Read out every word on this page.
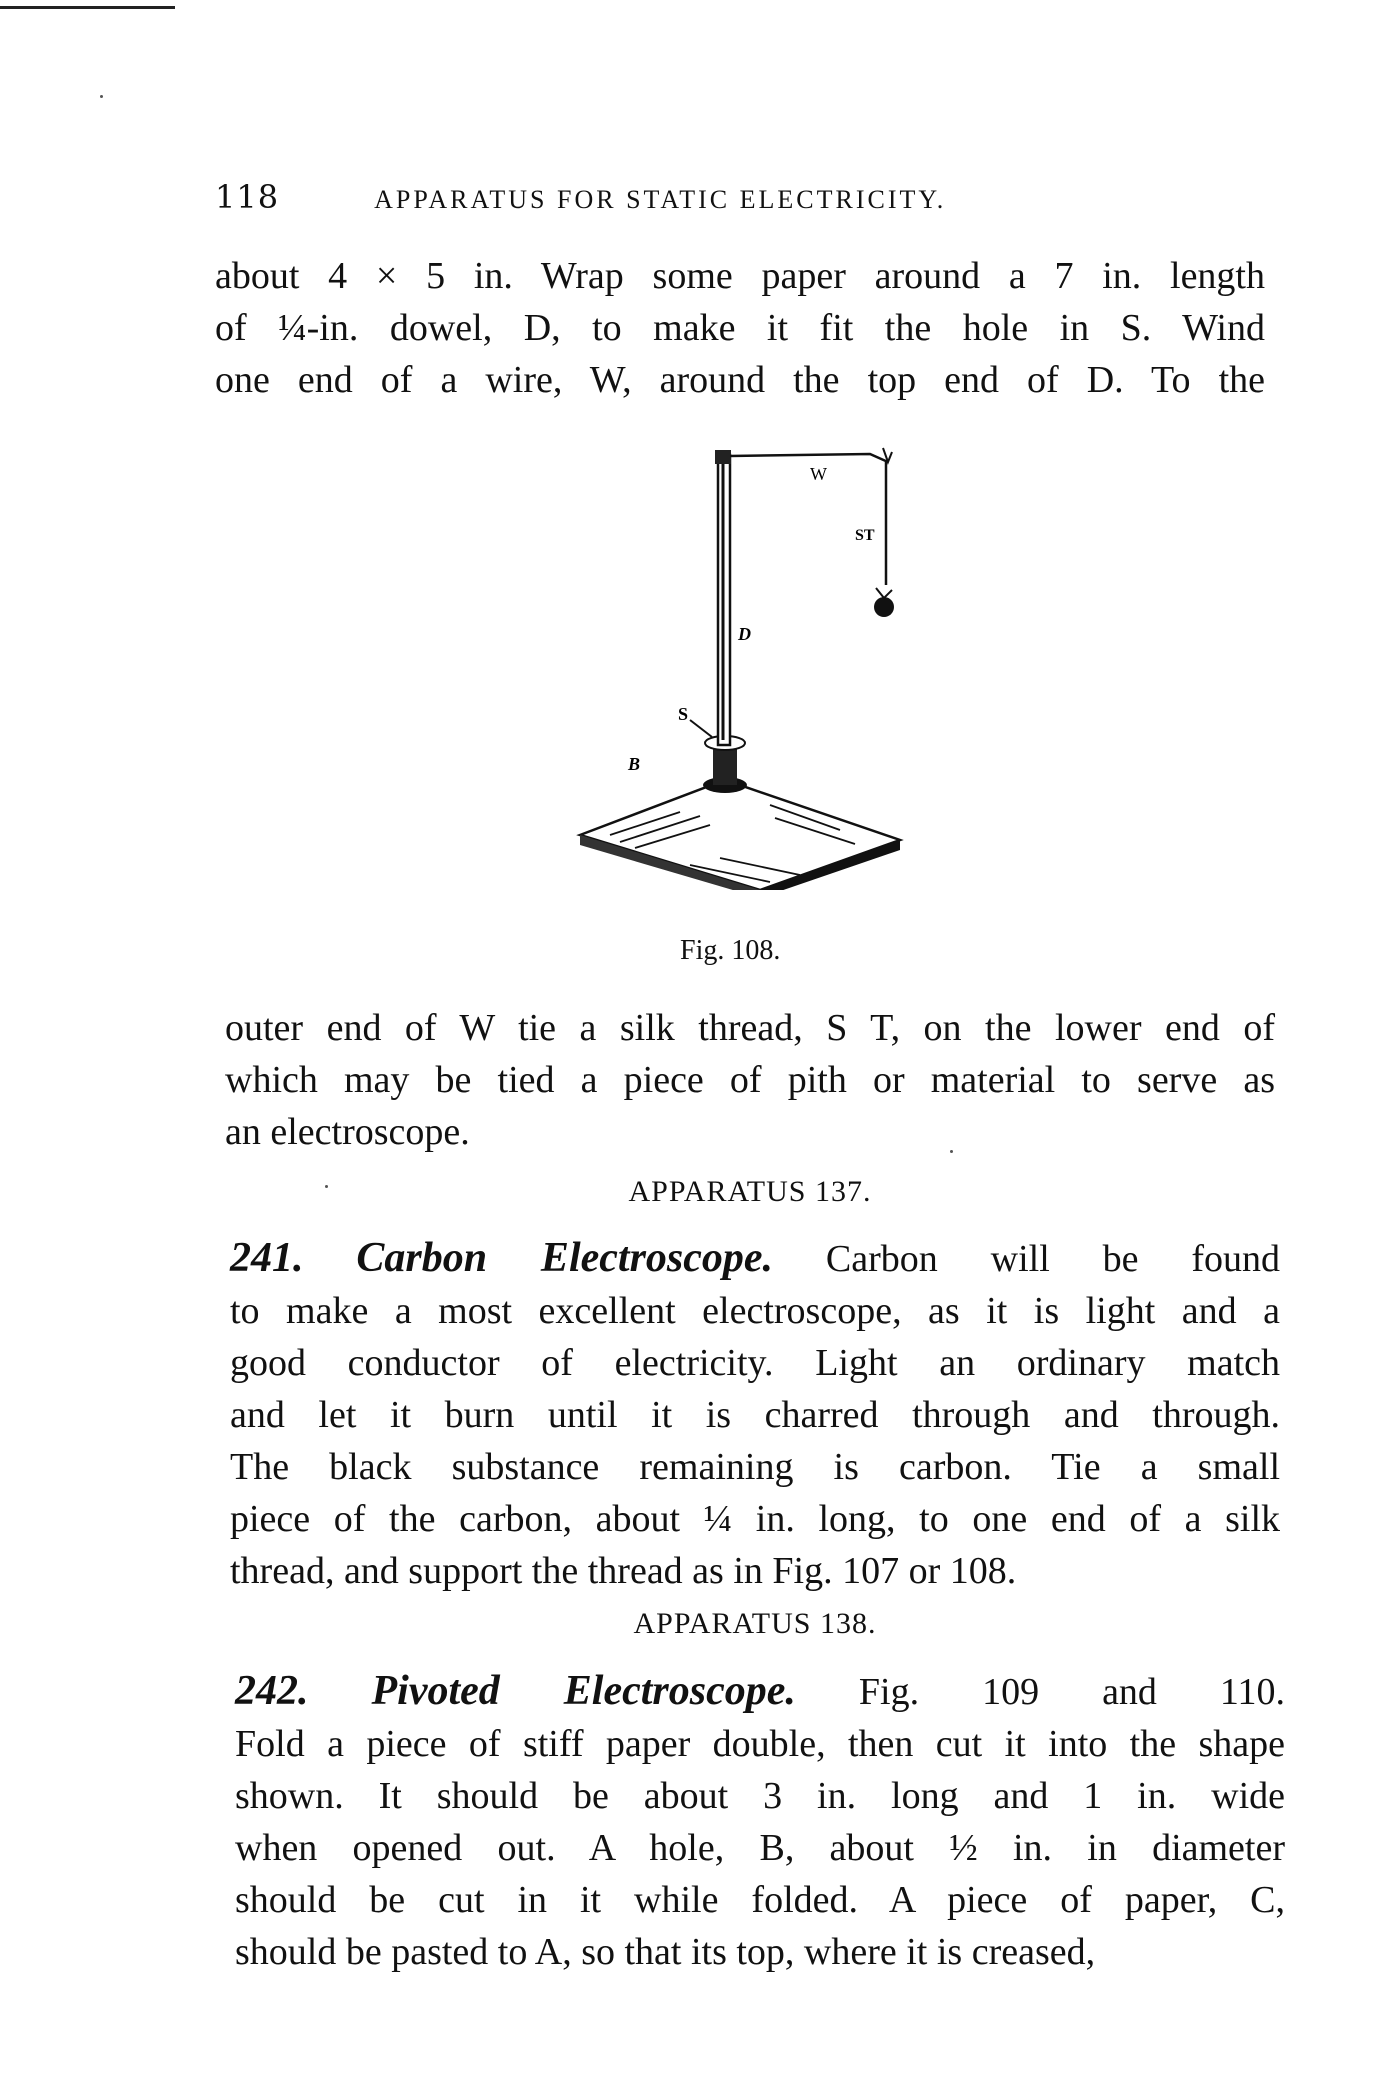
118	APPARATUS FOR STATIC ELECTRICITY.
about 4 × 5 in. Wrap some paper around a 7 in. length
of ¼-in. dowel, D, to make it fit the hole in S. Wind
one end of a wire, W, around the top end of D. To the
W
ST
D
S
B
Fig. 108.
outer end of W tie a silk thread, S T, on the lower end of
which may be tied a piece of pith or material to serve as
an electroscope.
APPARATUS 137.
241. Carbon Electroscope. Carbon will be found
to make a most excellent electroscope, as it is light and a
good conductor of electricity. Light an ordinary match
and let it burn until it is charred through and through.
The black substance remaining is carbon. Tie a small
piece of the carbon, about ¼ in. long, to one end of a silk
thread, and support the thread as in Fig. 107 or 108.
APPARATUS 138.
242. Pivoted Electroscope. Fig. 109 and 110.
Fold a piece of stiff paper double, then cut it into the shape
shown. It should be about 3 in. long and 1 in. wide
when opened out. A hole, B, about ½ in. in diameter
should be cut in it while folded. A piece of paper, C,
should be pasted to A, so that its top, where it is creased,
